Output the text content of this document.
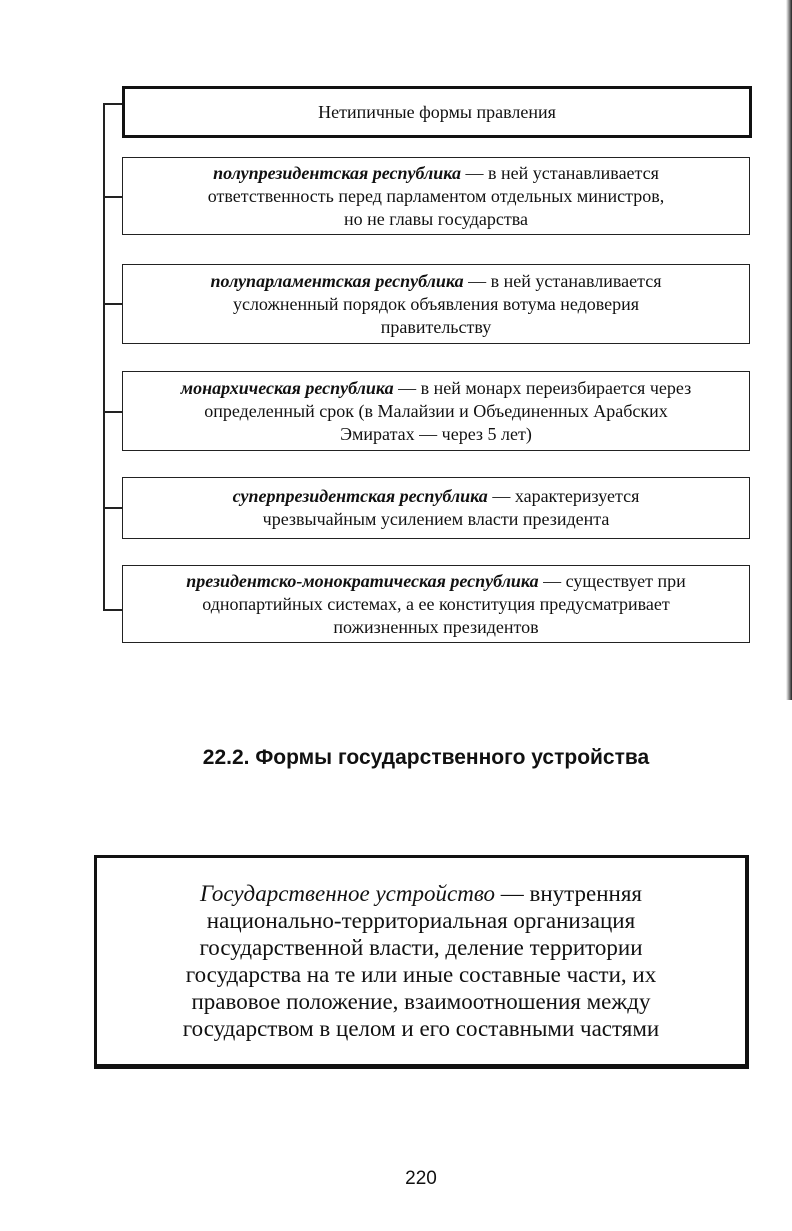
Нетипичные формы правления
полупрезидентская республика — в ней устанавливается
ответственность перед парламентом отдельных министров,
но не главы государства
полупарламентская республика — в ней устанавливается
усложненный порядок объявления вотума недоверия
правительству
монархическая республика — в ней монарх переизбирается через
определенный срок (в Малайзии и Объединенных Арабских
Эмиратах — через 5 лет)
суперпрезидентская республика — характеризуется
чрезвычайным усилением власти президента
президентско-монократическая республика — существует при
однопартийных системах, а ее конституция предусматривает
пожизненных президентов
22.2. Формы государственного устройства
Государственное устройство — внутренняя
национально-территориальная организация
государственной власти, деление территории
государства на те или иные составные части, их
правовое положение, взаимоотношения между
государством в целом и его составными частями
220
